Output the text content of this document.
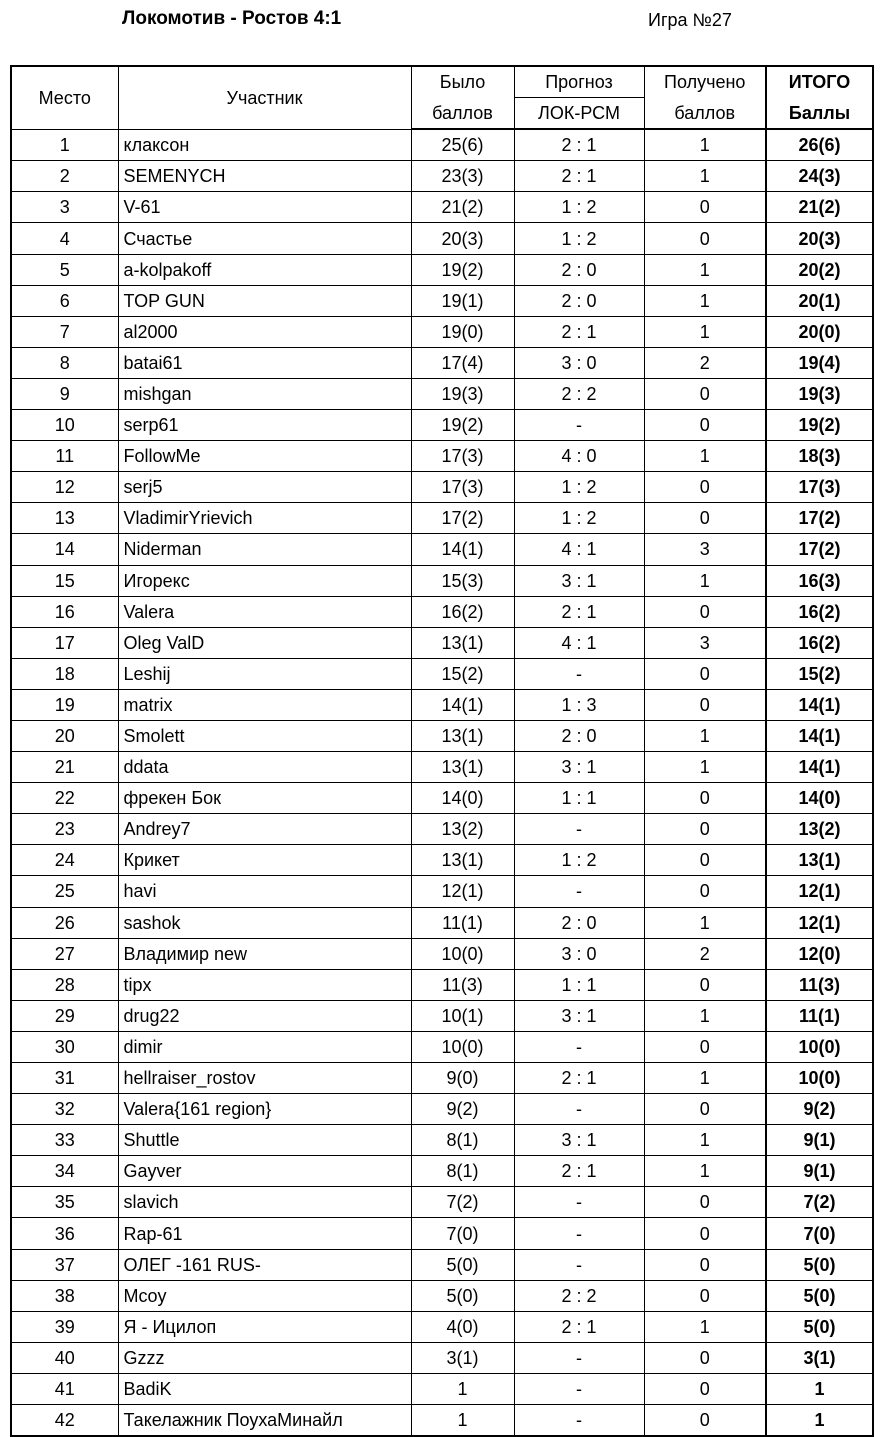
Локомотив - Ростов 4:1	Игра №27
Место	Участник	Было	Прогноз	Получено	ИТОГО
		баллов	ЛОК-РСМ	баллов	Баллы
1	клаксон	25(6)	2 : 1	1	26(6)
2	SEMENYCH	23(3)	2 : 1	1	24(3)
3	V-61	21(2)	1 : 2	0	21(2)
4	Счастье	20(3)	1 : 2	0	20(3)
5	a-kolpakoff	19(2)	2 : 0	1	20(2)
6	TOP GUN	19(1)	2 : 0	1	20(1)
7	al2000	19(0)	2 : 1	1	20(0)
8	batai61	17(4)	3 : 0	2	19(4)
9	mishgan	19(3)	2 : 2	0	19(3)
10	serp61	19(2)	-	0	19(2)
11	FollowMe	17(3)	4 : 0	1	18(3)
12	serj5	17(3)	1 : 2	0	17(3)
13	VladimirYrievich	17(2)	1 : 2	0	17(2)
14	Niderman	14(1)	4 : 1	3	17(2)
15	Игорекс	15(3)	3 : 1	1	16(3)
16	Valera	16(2)	2 : 1	0	16(2)
17	Oleg ValD	13(1)	4 : 1	3	16(2)
18	Leshij	15(2)	-	0	15(2)
19	matrix	14(1)	1 : 3	0	14(1)
20	Smolett	13(1)	2 : 0	1	14(1)
21	ddata	13(1)	3 : 1	1	14(1)
22	фрекен Бок	14(0)	1 : 1	0	14(0)
23	Andrey7	13(2)	-	0	13(2)
24	Крикет	13(1)	1 : 2	0	13(1)
25	havi	12(1)	-	0	12(1)
26	sashok	11(1)	2 : 0	1	12(1)
27	Владимир new	10(0)	3 : 0	2	12(0)
28	tipx	11(3)	1 : 1	0	11(3)
29	drug22	10(1)	3 : 1	1	11(1)
30	dimir	10(0)	-	0	10(0)
31	hellraiser_rostov	9(0)	2 : 1	1	10(0)
32	Valera{161 region}	9(2)	-	0	9(2)
33	Shuttle	8(1)	3 : 1	1	9(1)
34	Gayver	8(1)	2 : 1	1	9(1)
35	slavich	7(2)	-	0	7(2)
36	Rap-61	7(0)	-	0	7(0)
37	ОЛЕГ -161 RUS-	5(0)	-	0	5(0)
38	Mcoy	5(0)	2 : 2	0	5(0)
39	Я - Ицилоп	4(0)	2 : 1	1	5(0)
40	Gzzz	3(1)	-	0	3(1)
41	BadiK	1	-	0	1
42	Такелажник ПоухаМинайл	1	-	0	1
